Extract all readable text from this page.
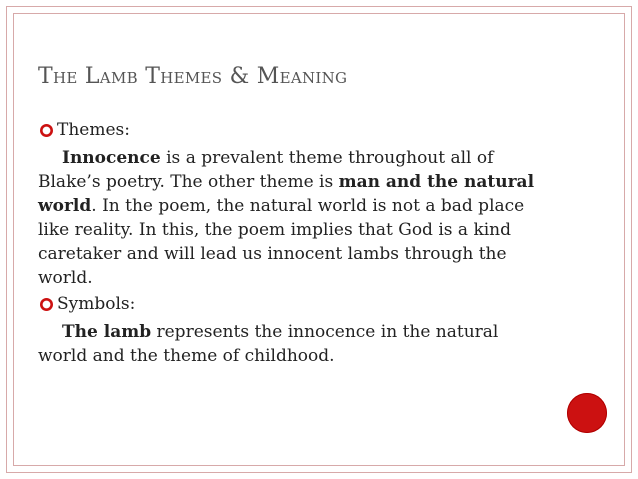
The Lamb Themes & Meaning
Themes:
Innocence is a prevalent theme throughout all of Blake’s poetry. The other theme is man and the natural world. In the poem, the natural world is not a bad place like reality. In this, the poem implies that God is a kind caretaker and will lead us innocent lambs through the world.
Symbols:
The lamb represents the innocence in the natural world and the theme of childhood.
